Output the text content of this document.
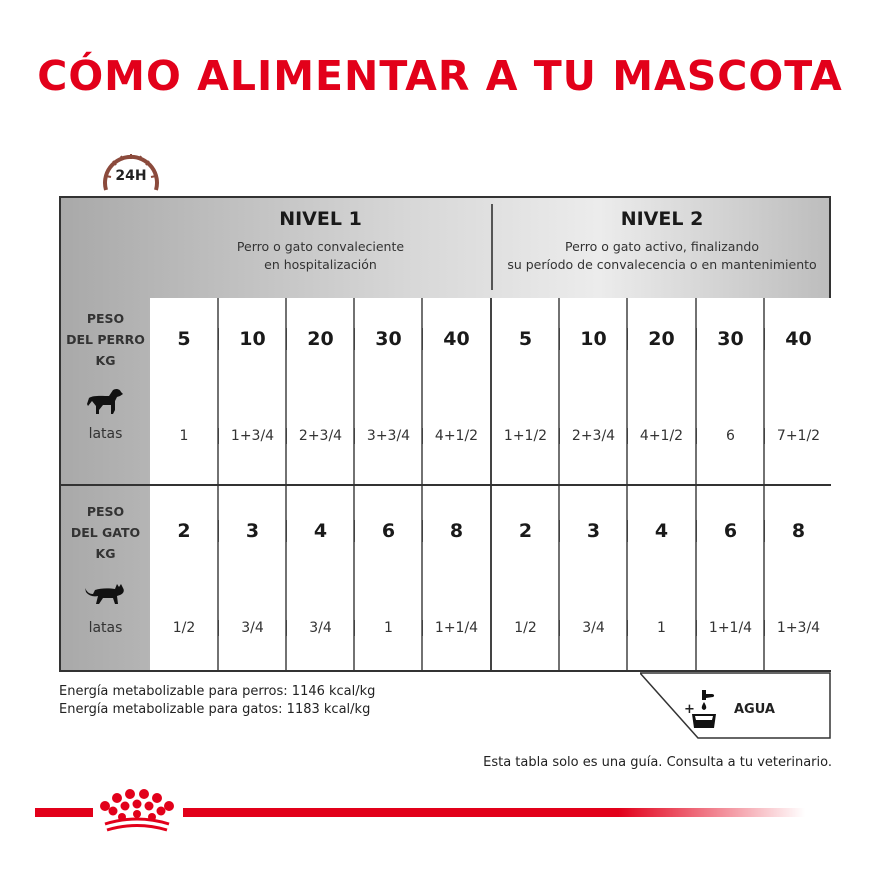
CÓMO ALIMENTAR A TU MASCOTA
24H
NIVEL 1
Perro o gato convaleciente
en hospitalización
NIVEL 2
Perro o gato activo, finalizando
su período de convalecencia o en mantenimiento
PESO
DEL PERRO
KG
latas
5	10	20	30	40	5	10	20	30	40
1	1+3/4	2+3/4	3+3/4	4+1/2	1+1/2	2+3/4	4+1/2	6	7+1/2
PESO
DEL GATO
KG
latas
2	3	4	6	8	2	3	4	6	8
1/2	3/4	3/4	1	1+1/4	1/2	3/4	1	1+1/4	1+3/4
Energía metabolizable para perros: 1146 kcal/kg
Energía metabolizable para gatos: 1183 kcal/kg	+	AGUA
Esta tabla solo es una guía. Consulta a tu veterinario.
